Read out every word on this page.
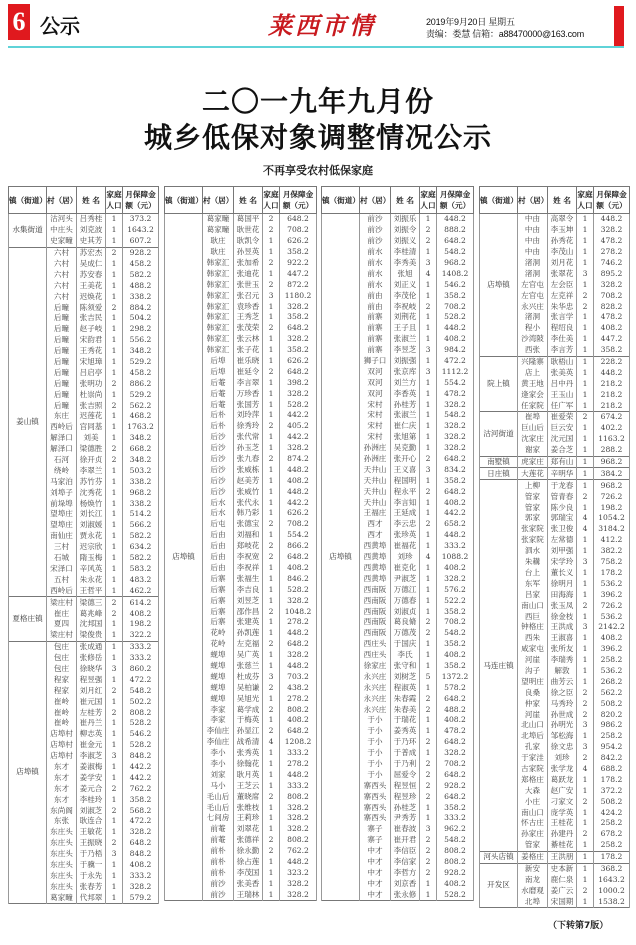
6 公示	莱西市情	2019年9月20日 星期五
责编：娄慧 信箱：a88470000@163.com
二〇一九年九月份
城乡低保对象调整情况公示
不再享受农村低保家庭
镇（街道）	村（居）	姓 名	家庭人口	月保障金额（元）
水集街道	沽河头	吕秀桂	1	373.2
	中庄头	刘克波	1	1643.2
	史家疃	史其芳	1	607.2
姜山镇	六村	苏宏杰	2	928.2
	六村	吴成仁	1	458.2
	六村	苏安春	1	582.2
	六村	王美花	1	488.2
	六村	迟焕花	1	338.2
	后疃	陈须爱	2	884.2
	后疃	张吉民	1	504.2
	后疃	赵子岐	1	298.2
	后疃	宋韵君	1	556.2
	后疃	王秀花	1	348.2
	后疃	宋旭璋	1	529.2
	后疃	吕启亭	1	458.2
	后疃	张明功	2	886.2
	后疃	杜崇尚	1	529.2
	后疃	张吉照	2	562.2
	东庄	迟莲花	1	468.2
	西岭后	宫同基	1	1763.2
	解泽口	刘美	1	348.2
	解泽口	梁德胜	2	668.2
	石河	徐开贞	2	348.2
	绕岭	李翠兰	1	503.2
	马家泊	苏竹芬	1	338.2
	刘埠子	沈秀花	1	968.2
	前垛埠	杨焕竹	1	338.2
	望埠庄	刘长江	1	514.2
	望埠庄	刘淑媛	1	566.2
	南仙庄	贾永花	1	582.2
	三村	迟宗欣	1	634.2
	石城	隋玉梅	1	582.2
	宋泽口	辛风英	1	583.2
	五村	朱永花	1	483.2
	西岭后	王哲平	1	462.2
夏格庄镇	梁庄村	梁德三	2	614.2
	崔庄	葛兆峰	2	408.2
	夏四	沈邦国	1	198.2
	梁庄村	梁俊贵	1	322.2
店埠镇	包庄	张成通	1	333.2
	包庄	张修岳	1	333.2
	包庄	徐晓华	3	860.2
	程家	程昱强	1	472.2
	程家	刘月红	2	548.2
	崔岭	崔元国	1	502.2
	崔岭	左桂芳	2	808.2
	崔岭	崔丹兰	1	528.2
	店埠村	柳志英	1	546.2
	店埠村	崔金元	1	528.2
	店埠村	李淑芝	3	848.2
	东才	姜淑梅	1	442.2
	东才	姜学安	1	442.2
	东才	姜元合	2	762.2
	东才	李桂玲	1	358.2
	东尚阁	刘淑芝	2	568.2
	东张	耿连合	1	472.2
	东庄头	王敏花	1	328.2
	东庄头	王振晓	2	648.2
	东庄头	于乃梧	3	848.2
	东庄头	于骥一	1	408.2
	东庄头	于永先	1	333.2
	东庄头	张春芳	1	328.2
	葛家疃	代邦翠	1	579.2
镇（街道）	村（居）	姓 名	家庭人口	月保障金额（元）
店埠镇	葛家疃	葛国平	2	648.2
	葛家疃	耿世花	2	708.2
	耿庄	耿凯令	1	626.2
	耿庄	孙昱英	1	358.2
	韩家汇	张加希	2	922.2
	韩家汇	张迪花	1	447.2
	韩家汇	张世玉	2	872.2
	韩家汇	张召元	3	1180.2
	韩家汇	袁珍香	1	328.2
	韩家汇	王秀芝	1	358.2
	韩家汇	张茂荣	2	648.2
	韩家汇	张云林	1	328.2
	韩家汇	张子花	1	358.2
	后埠	崔乐晓	1	626.2
	后埠	崔延令	2	648.2
	后菴	李言翠	1	398.2
	后菴	万珍香	1	328.2
	后菴	张国芳	1	528.2
	后朴	刘玲萍	1	442.2
	后朴	徐秀玲	2	405.2
	后沙	张代常	1	442.2
	后沙	孙玉芝	1	328.2
	后沙	张九春	2	874.2
	后沙	张威栋	1	448.2
	后沙	赵美芳	1	408.2
	后沙	张威竹	1	448.2
	后水	张代永	1	442.2
	后水	韩乃彩	1	626.2
	后屯	张德宝	2	708.2
	后由	刘福和	1	554.2
	后由	郑岐花	2	866.2
	后由	李祝宽	2	648.2
	后由	李祝祥	1	408.2
	后寨	张福生	1	846.2
	后寨	李吉良	1	528.2
	后寨	刘昱芝	1	328.2
	后寨	邵作昌	2	1048.2
	后寨	张建英	1	278.2
	花岭	孙凯莲	1	448.2
	花岭	左克福	2	648.2
	蚬埠	吴广英	1	328.2
	蚬埠	张慈兰	1	448.2
	蚬埠	杜成芬	3	703.2
	蚬埠	吴柏谦	2	438.2
	蚬埠	吴旭光	1	278.2
	李家	葛学成	2	808.2
	李家	于梅英	1	408.2
	李仙庄	孙显江	2	648.2
	李仙庄	战希清	4	1208.2
	李小	张秀英	1	333.2
	李小	徐翰花	1	278.2
	刘家	耿月英	1	448.2
	马小	王芝云	1	333.2
	毛山后	董晓席	2	808.2
	毛山后	张维枝	1	328.2
	七间房	王莉珍	1	328.2
	前菴	刘翠花	1	328.2
	前菴	张德祥	2	808.2
	前朴	徐永勤	2	762.2
	前朴	徐占莲	1	448.2
	前朴	李茂国	1	323.2
	前沙	张美香	1	328.2
	前沙	王瑞林	1	328.2
镇（街道）	村（居）	姓 名	家庭人口	月保障金额（元）
店埠镇	前沙	刘振乐	1	448.2
	前沙	刘振令	2	888.2
	前沙	刘振义	2	648.2
	前水	李桂清	1	548.2
	前水	李秀美	3	968.2
	前水	张旭	4	1408.2
	前水	刘正义	1	546.2
	前由	李茂伦	1	358.2
	前由	李祝岐	2	708.2
	前寨	刘荆花	1	528.2
	前寨	王子且	1	448.2
	前寨	张淑兰	1	408.2
	前寨	李昱芝	3	984.2
	狮子口	刘振强	1	472.2
	双河	张京库	3	1112.2
	双河	刘兰方	1	554.2
	双河	李香英	1	478.2
	宋村	孙桂芳	1	328.2
	宋村	张淑兰	1	548.2
	宋村	崔仁庆	1	328.2
	宋村	张旭第	1	328.2
	孙洲庄	吴克勤	1	328.2
	孙洲庄	张开心	2	648.2
	天井山	王义喜	3	834.2
	天井山	程国明	1	358.2
	天井山	程永平	2	648.2
	天井山	李言知	1	408.2
	王福庄	王延成	1	442.2
	西才	李云忠	2	658.2
	西才	张珍英	1	448.2
	西黄埠	崔福花	1	333.2
	西黄埠	刘珍	4	1088.2
	西黄埠	崔克化	1	408.2
	西黄埠	尹淑芝	1	328.2
	西南阪	万德江	1	576.2
	西南阪	万德春	1	522.2
	西南阪	刘淑贞	1	358.2
	西南阪	葛良脩	2	708.2
	西南阪	万德茂	2	548.2
	西庄头	于国庆	1	358.2
	西庄头	李氏	1	408.2
	徐家庄	张守和	1	358.2
	永兴庄	刘树芝	5	1372.2
	永兴庄	程淑英	1	578.2
	永兴庄	朱春霞	2	648.2
	永兴庄	朱春美	2	488.2
	于小	于瑞花	1	408.2
	于小	姜秀英	1	478.2
	于小	于乃环	2	648.2
	于小	于普成	1	328.2
	于小	于乃利	2	708.2
	于小	屈爱令	2	648.2
	寨西头	程昱恒	2	928.2
	寨西头	程昱珍	2	648.2
	寨西头	孙桂芝	1	358.2
	寨西头	尹秀芳	1	333.2
	寨子	崔春波	3	962.2
	寨子	崔开君	2	548.2
	中才	李信臣	2	808.2
	中才	李信家	2	808.2
	中才	李哲方	2	928.2
	中才	刘京香	1	408.2
	中才	张永修	1	528.2
镇（街道）	村（居）	姓 名	家庭人口	月保障金额（元）
店埠镇	中由	高翠令	1	448.2
	中由	李玉坤	1	328.2
	中由	孙秀花	1	478.2
	中由	李茂山	1	278.2
	渚洞	刘月花	1	746.2
	渚洞	张翠花	3	895.2
	左官屯	左会臣	1	328.2
	左官屯	左克祥	2	708.2
	永兴庄	朱华忠	2	828.2
	渚洞	张言学	1	478.2
	程小	程绍良	1	408.2
	沙湾陂	李仕美	1	447.2
	西张	李言芳	1	358.2
院上镇	兴隆寨	耿梧山	1	228.2
	店上	张美英	1	448.2
	黄王地	吕中丹	1	218.2
	逄家会	王玉山	1	218.2
	任家院	任广军	1	218.2
沽河街道	崔埠	崔爱荣	2	674.2
	巨山后	巨云安	1	402.2
	沈家庄	沈元国	1	1163.2
	谢家	姜合芝	1	288.2
南墅镇	虎家庄	郑有山	1	968.2
日庄镇	大莲花	辛明华	1	384.2
马连庄镇	上柳	于龙春	1	968.2
	管家	管青春	2	726.2
	管家	陈少良	1	198.2
	郭家	郭瑞宝	4	1054.2
	张家院	张卫俊	4	3184.2
	张家院	左常德	1	412.2
	泗水	刘甲强	1	382.2
	朱耩	宋学玲	3	758.2
	台上	董长义	1	178.2
	东军	徐明月	1	536.2
	吕家	田海海	1	396.2
	南山口	张玉凤	2	726.2
	西巨	徐金枝	1	536.2
	钟格庄	王洪成	3	2142.2
	西朱	王淑喜	1	408.2
	咸家屯	张所友	1	396.2
	河崖	李瑞秀	1	258.2
	沟子	解敦	1	536.2
	望明庄	曲芳云	1	268.2
	良桑	徐之臣	2	562.2
	仲家	马秀玲	2	508.2
	河崖	孙世成	2	820.2
	北山口	孙明光	3	986.2
	北埠后	邹松海	1	258.2
	孔家	徐文忠	3	954.2
	于家洼	刘珍	2	842.2
	古家院	张学龙	4	688.2
	郑格庄	葛跃龙	1	178.2
	大森	赵广安	1	372.2
	小庄	刁家文	2	508.2
	南山口	庞学英	1	424.2
	怀古庄	王桂花	1	258.2
	孙家庄	孙建丹	2	678.2
	管家	綦桂花	1	258.2
河头店镇	姜格庄	王洪朋	1	178.2
开发区	新安	史本新	1	368.2
	南龙	鹿仁泉	1	1643.2
	水磨观	姜广云	2	1000.2
	北埠	宋国期	1	1538.2
（下转第7版）
